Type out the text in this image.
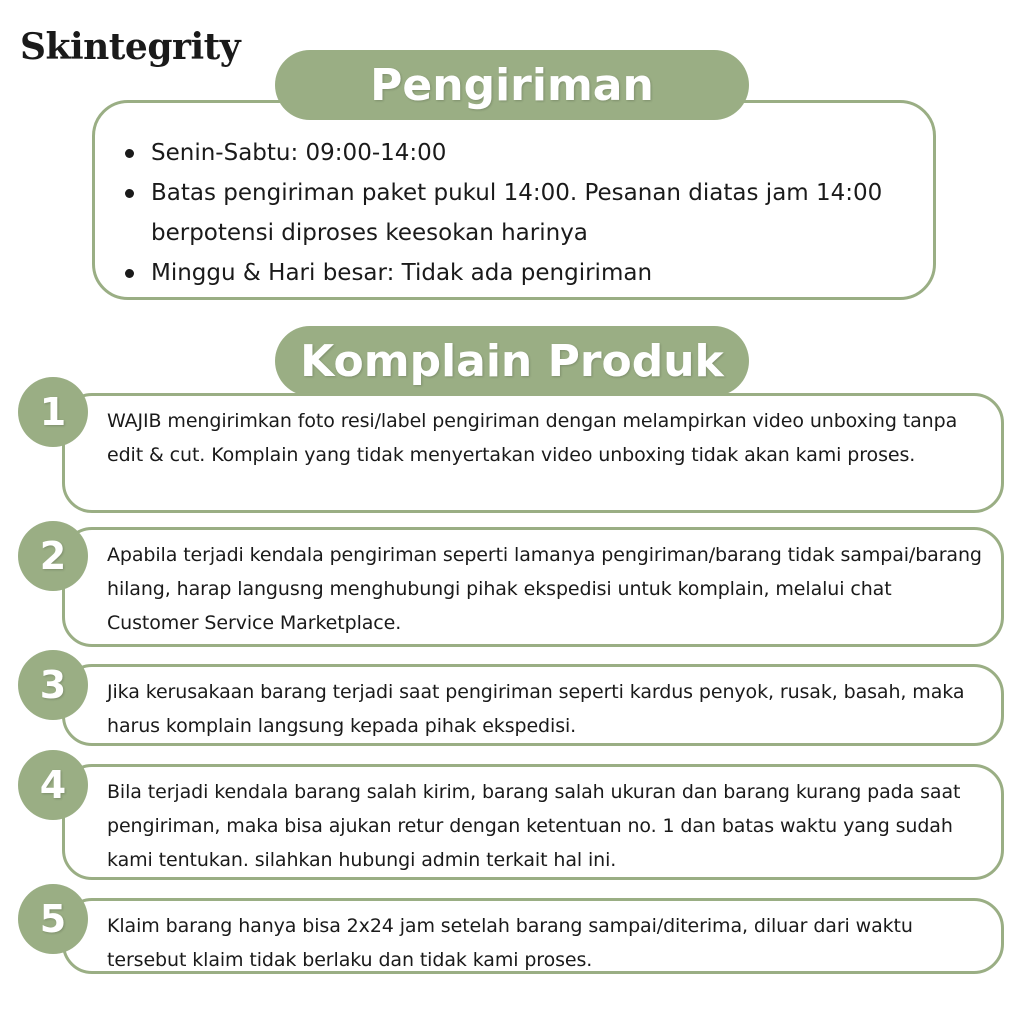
Skintegrity
Pengiriman
Senin-Sabtu: 09:00-14:00
Batas pengiriman paket pukul 14:00. Pesanan diatas jam 14:00 berpotensi diproses keesokan harinya
Minggu & Hari besar: Tidak ada pengiriman
Komplain Produk
1	WAJIB mengirimkan foto resi/label pengiriman dengan melampirkan video unboxing tanpa edit & cut. Komplain yang tidak menyertakan video unboxing tidak akan kami proses.
2	Apabila terjadi kendala pengiriman seperti lamanya pengiriman/barang tidak sampai/barang hilang, harap langusng menghubungi pihak ekspedisi untuk komplain, melalui chat Customer Service Marketplace.
3	Jika kerusakaan barang terjadi saat pengiriman seperti kardus penyok, rusak, basah, maka harus komplain langsung kepada pihak ekspedisi.
4	Bila terjadi kendala barang salah kirim, barang salah ukuran dan barang kurang pada saat pengiriman, maka bisa ajukan retur dengan ketentuan no. 1 dan batas waktu yang sudah kami tentukan. silahkan hubungi admin terkait hal ini.
5	Klaim barang hanya bisa 2x24 jam setelah barang sampai/diterima, diluar dari waktu tersebut klaim tidak berlaku dan tidak kami proses.
